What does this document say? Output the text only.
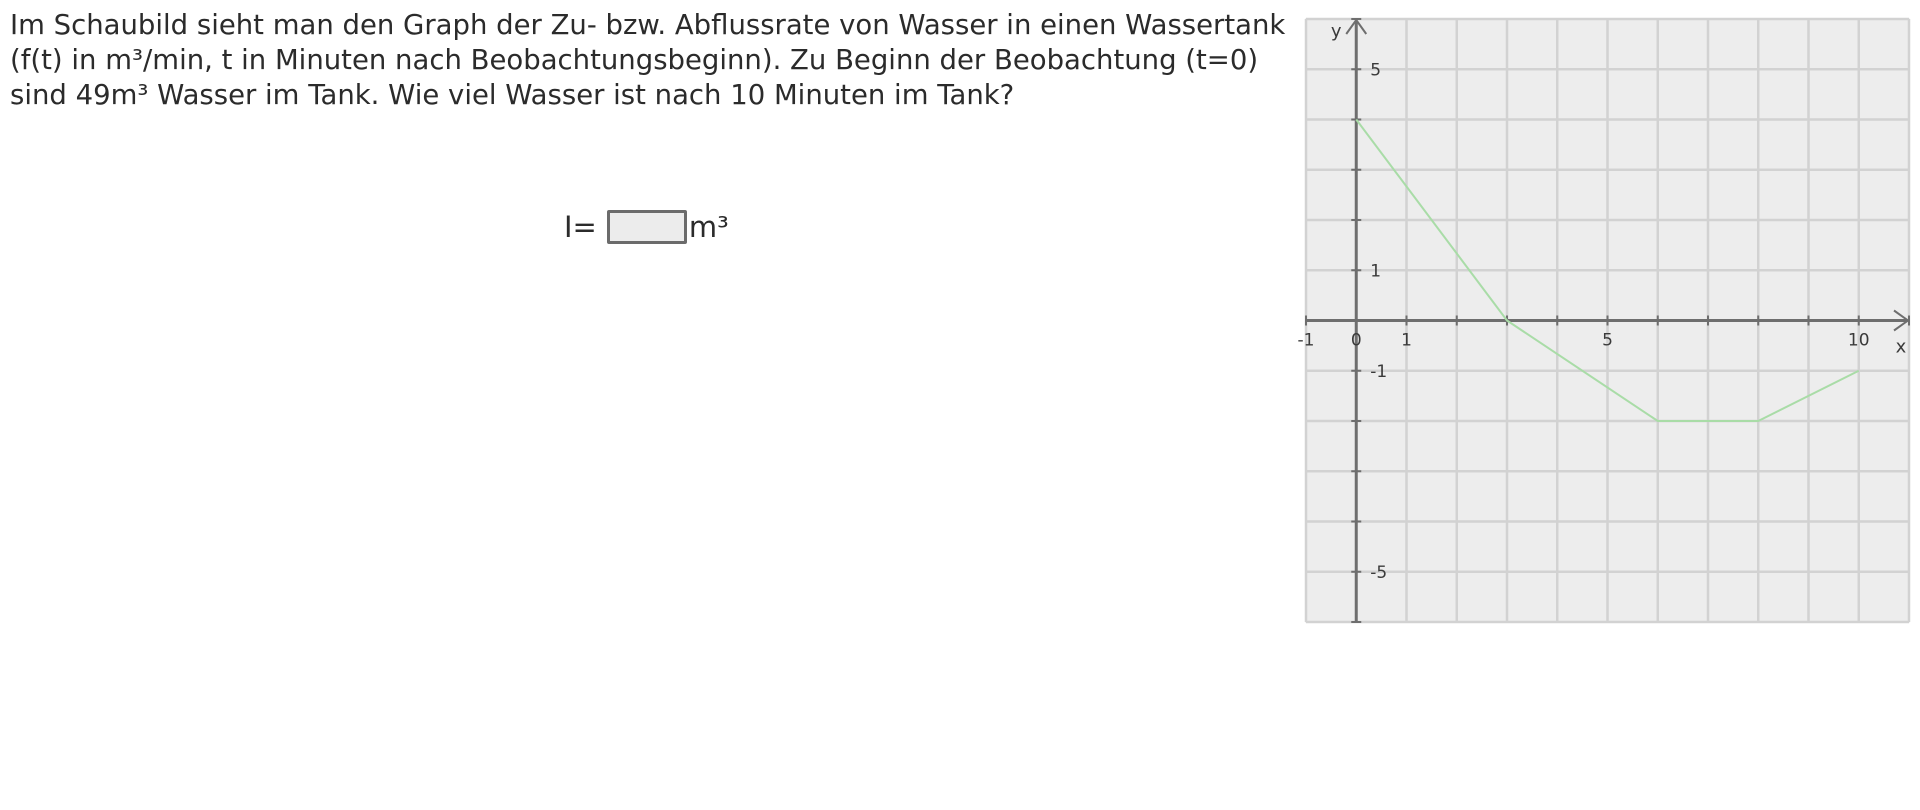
Im Schaubild sieht man den Graph der Zu- bzw. Abflussrate von Wasser in einen Wassertank (f(t) in m³/min, t in Minuten nach Beobachtungsbeginn). Zu Beginn der Beobachtung (t=0) sind 49m³ Wasser im Tank. Wie viel Wasser ist nach 10 Minuten im Tank?

I=	m³
-1 0 1	5	10
5
1
-1
-5
x
y
